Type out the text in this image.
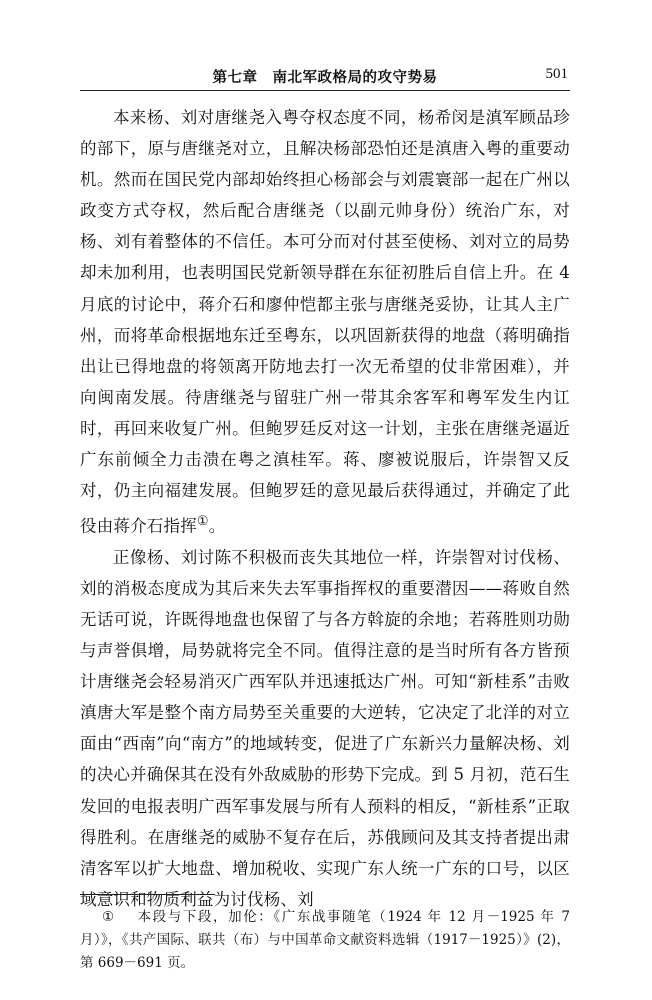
第七章　南北军政格局的攻守势易	501

本来杨、刘对唐继尧入粤夺权态度不同，杨希闵是滇军顾品珍的部下，原与唐继尧对立，且解决杨部恐怕还是滇唐入粤的重要动机。然而在国民党内部却始终担心杨部会与刘震寰部一起在广州以政变方式夺权，然后配合唐继尧（以副元帅身份）统治广东，对杨、刘有着整体的不信任。本可分而对付甚至使杨、刘对立的局势却未加利用，也表明国民党新领导群在东征初胜后自信上升。在 4 月底的讨论中，蒋介石和廖仲恺都主张与唐继尧妥协，让其人主广州，而将革命根据地东迁至粤东，以巩固新获得的地盘（蒋明确指出让已得地盘的将领离开防地去打一次无希望的仗非常困难），并向闽南发展。待唐继尧与留驻广州一带其余客军和粤军发生内讧时，再回来收复广州。但鲍罗廷反对这一计划，主张在唐继尧逼近广东前倾全力击溃在粤之滇桂军。蒋、廖被说服后，许崇智又反对，仍主向福建发展。但鲍罗廷的意见最后获得通过，并确定了此役由蒋介石指挥①。

正像杨、刘讨陈不积极而丧失其地位一样，许崇智对讨伐杨、刘的消极态度成为其后来失去军事指挥权的重要潜因——蒋败自然无话可说，许既得地盘也保留了与各方斡旋的余地；若蒋胜则功勋与声誉俱增，局势就将完全不同。值得注意的是当时所有各方皆预计唐继尧会轻易消灭广西军队并迅速抵达广州。可知“新桂系”击败滇唐大军是整个南方局势至关重要的大逆转，它决定了北洋的对立面由“西南”向“南方”的地域转变，促进了广东新兴力量解决杨、刘的决心并确保其在没有外敌威胁的形势下完成。到 5 月初，范石生发回的电报表明广西军事发展与所有人预料的相反，“新桂系”正取得胜利。在唐继尧的威胁不复存在后，苏俄顾问及其支持者提出肃清客军以扩大地盘、增加税收、实现广东人统一广东的口号，以区域意识和物质利益为讨伐杨、刘

① 本段与下段，加伦：《广东战事随笔（1924 年 12 月－1925 年 7 月）》，《共产国际、联共（布）与中国革命文献资料选辑（1917－1925）》(2)，第 669－691 页。
